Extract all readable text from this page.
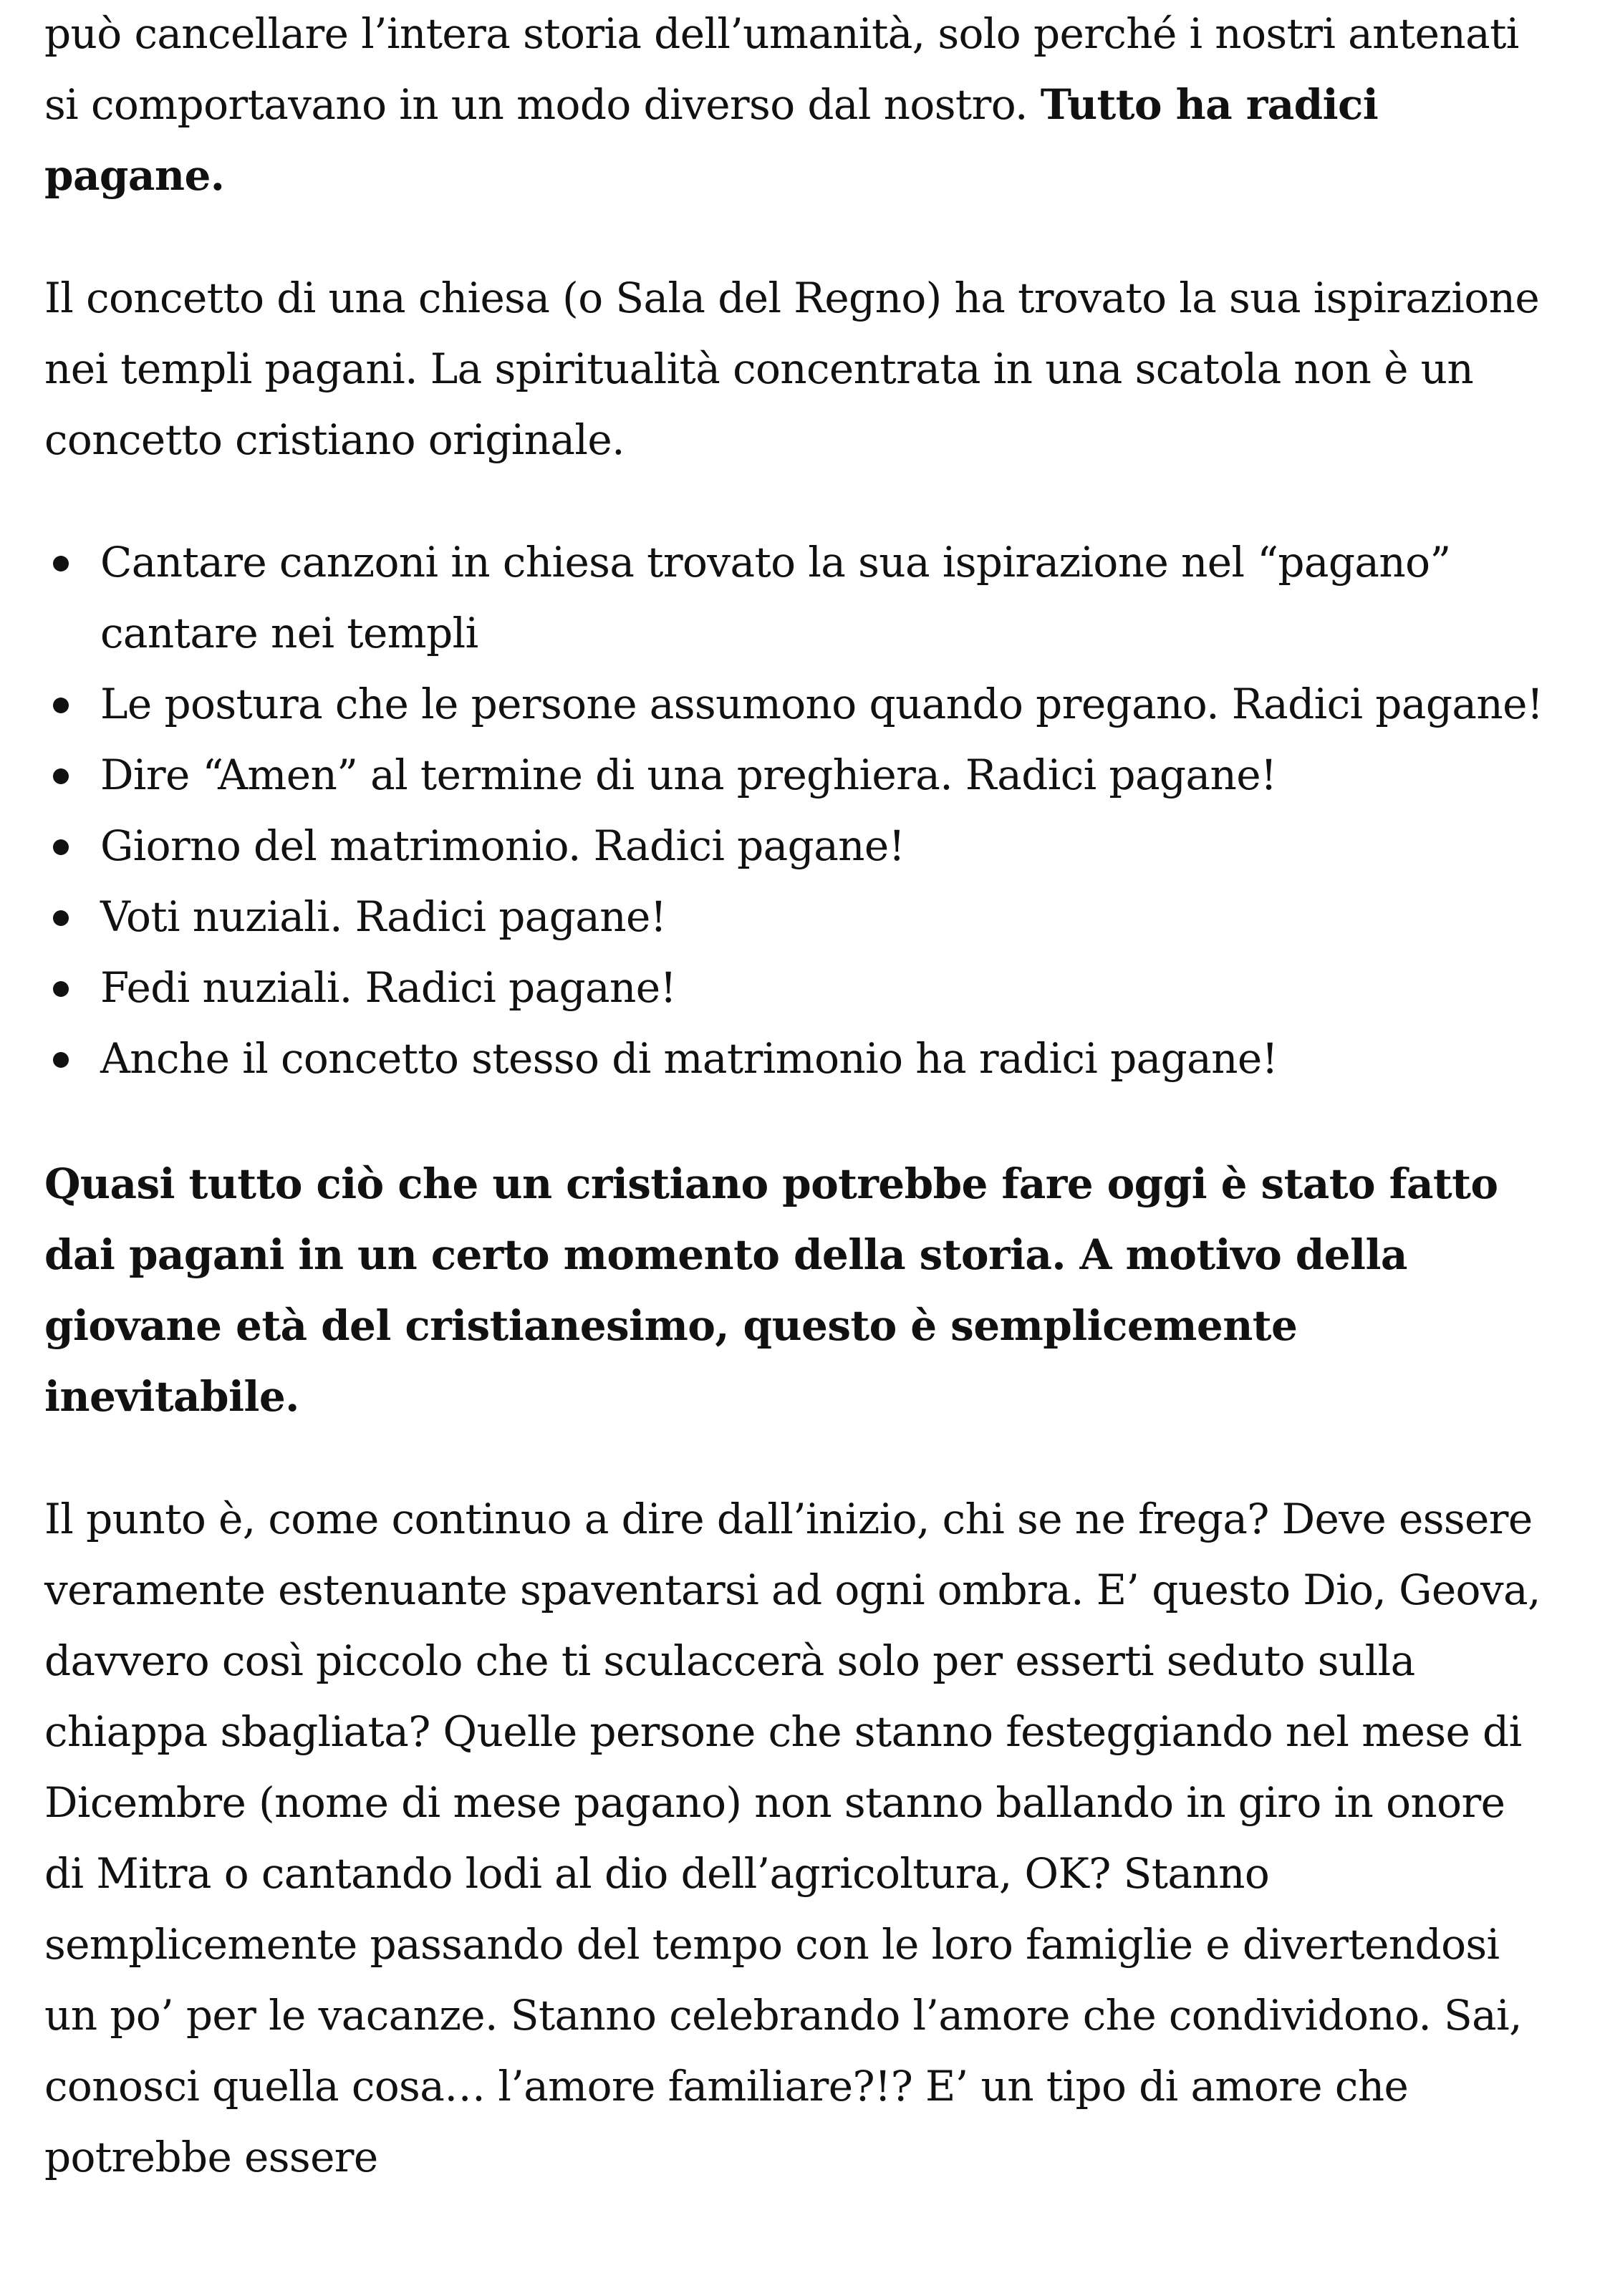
può cancellare l’intera storia dell’umanità, solo perché i nostri antenati si comportavano in un modo diverso dal nostro. Tutto ha radici pagane.

Il concetto di una chiesa (o Sala del Regno) ha trovato la sua ispirazione nei templi pagani. La spiritualità concentrata in una scatola non è un concetto cristiano originale.

Cantare canzoni in chiesa trovato la sua ispirazione nel “pagano” cantare nei templi
Le postura che le persone assumono quando pregano. Radici pagane!
Dire “Amen” al termine di una preghiera. Radici pagane!
Giorno del matrimonio. Radici pagane!
Voti nuziali. Radici pagane!
Fedi nuziali. Radici pagane!
Anche il concetto stesso di matrimonio ha radici pagane!

Quasi tutto ciò che un cristiano potrebbe fare oggi è stato fatto dai pagani in un certo momento della storia. A motivo della giovane età del cristianesimo, questo è semplicemente inevitabile.

Il punto è, come continuo a dire dall’inizio, chi se ne frega? Deve essere veramente estenuante spaventarsi ad ogni ombra. E’ questo Dio, Geova, davvero così piccolo che ti sculaccerà solo per esserti seduto sulla chiappa sbagliata? Quelle persone che stanno festeggiando nel mese di Dicembre (nome di mese pagano) non stanno ballando in giro in onore di Mitra o cantando lodi al dio dell’agricoltura, OK? Stanno semplicemente passando del tempo con le loro famiglie e divertendosi un po’ per le vacanze. Stanno celebrando l’amore che condividono. Sai, conosci quella cosa… l’amore familiare?!? E’ un tipo di amore che potrebbe essere
